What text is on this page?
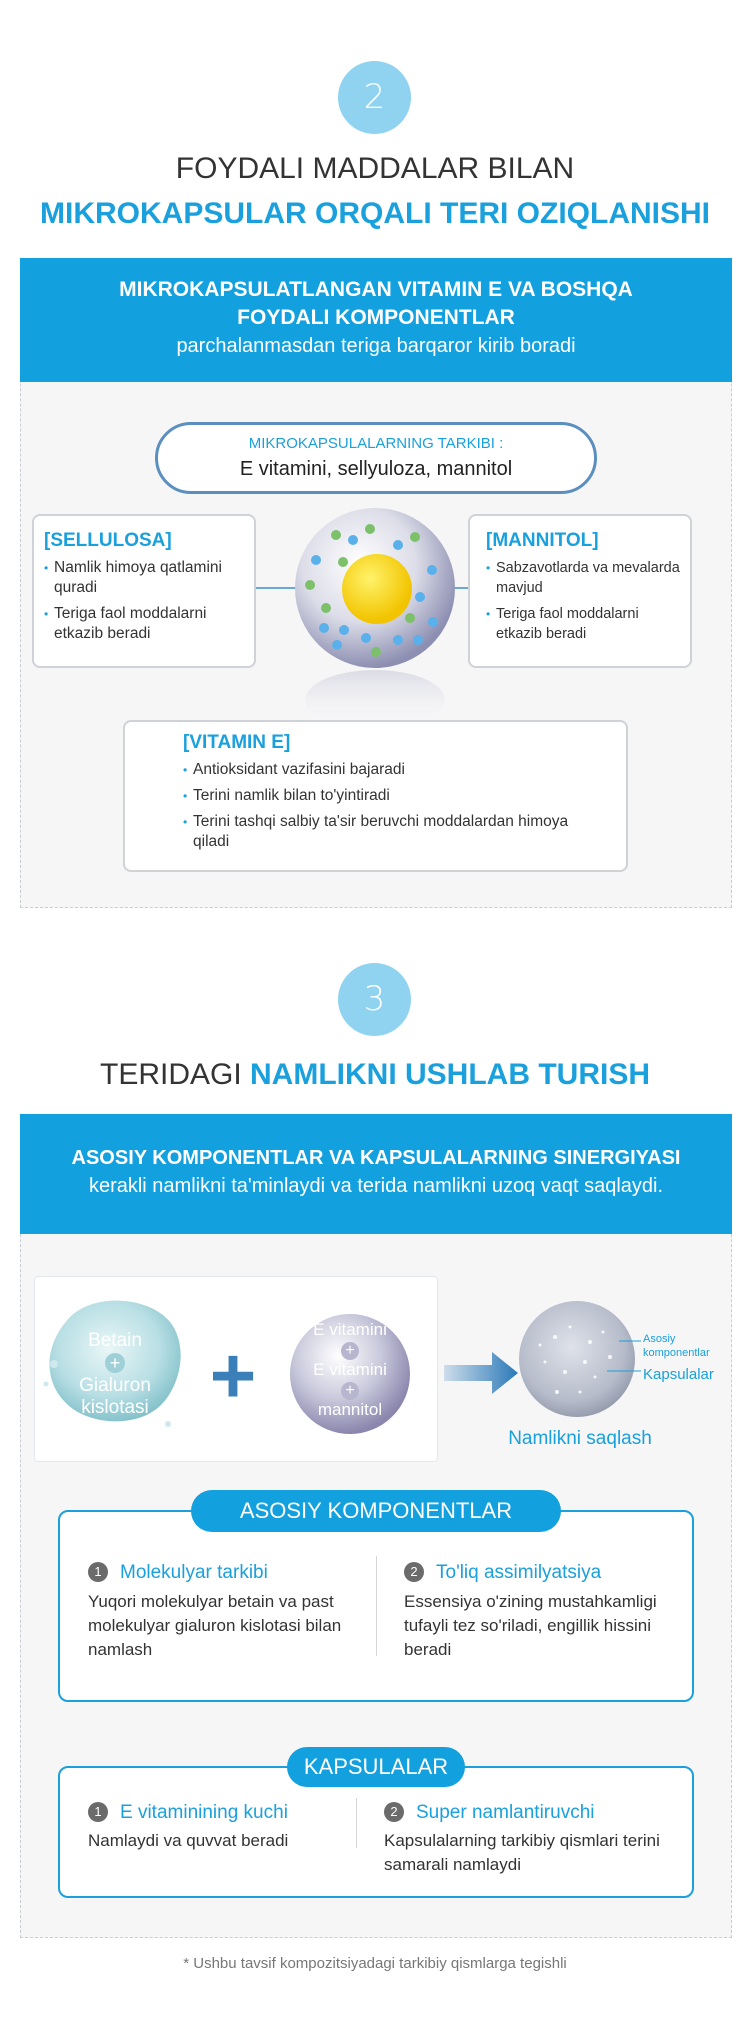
2
FOYDALI MADDALAR BILAN
MIKROKAPSULAR ORQALI TERI OZIQLANISHI
MIKROKAPSULATLANGAN VITAMIN E VA BOSHQA
FOYDALI KOMPONENTLAR
parchalanmasdan teriga barqaror kirib boradi
MIKROKAPSULALARNING TARKIBI :
E vitamini, sellyuloza, mannitol
[SELLULOSA]
• Namlik himoya qatlamini quradi
• Teriga faol moddalarni etkazib beradi
[MANNITOL]
• Sabzavotlarda va mevalarda mavjud
• Teriga faol moddalarni etkazib beradi
[VITAMIN E]
• Antioksidant vazifasini bajaradi
• Terini namlik bilan to'yintiradi
• Terini tashqi salbiy ta'sir beruvchi moddalardan himoya qiladi
3
TERIDAGI NAMLIKNI USHLAB TURISH
ASOSIY KOMPONENTLAR VA KAPSULALARNING SINERGIYASI
kerakli namlikni ta'minlaydi va terida namlikni uzoq vaqt saqlaydi.
Betain
+
Gialuron
kislotasi +
E vitamini
+
E vitamini
+
mannitol
Asosiy komponentlar
Kapsulalar
Namlikni saqlash
ASOSIY KOMPONENTLAR
1 Molekulyar tarkibi
Yuqori molekulyar betain va past molekulyar gialuron kislotasi bilan namlash
2 To'liq assimilyatsiya
Essensiya o'zining mustahkamligi tufayli tez so'riladi, engillik hissini beradi
KAPSULALAR
1 E vitaminining kuchi
Namlaydi va quvvat beradi
2 Super namlantiruvchi
Kapsulalarning tarkibiy qismlari terini samarali namlaydi
* Ushbu tavsif kompozitsiyadagi tarkibiy qismlarga tegishli
